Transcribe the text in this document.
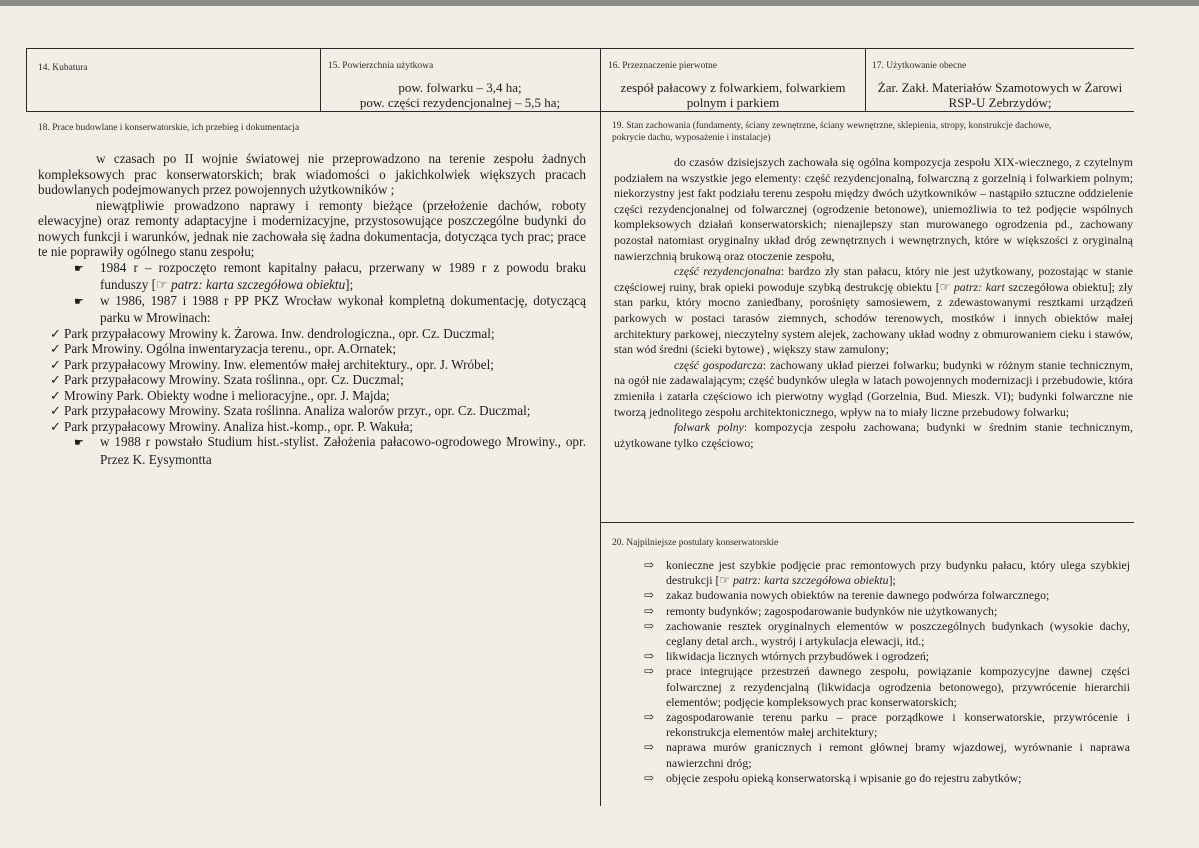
14. Kubatura	15. Powierzchnia użytkowa
pow. folwarku – 3,4 ha;
pow. części rezydencjonalnej – 5,5 ha;
16. Przeznaczenie pierwotne
zespół pałacowy z folwarkiem, folwarkiem
polnym i parkiem
17. Użytkowanie obecne
Żar. Zakł. Materiałów Szamotowych w Żarowi
RSP-U Zebrzydów;
18. Prace budowlane i konserwatorskie, ich przebieg i dokumentacja

w czasach po II wojnie światowej nie przeprowadzono na terenie zespołu żadnych kompleksowych prac konserwatorskich; brak wiadomości o jakichkolwiek większych pracach budowlanych podejmowanych przez powojennych użytkowników ;

niewątpliwie prowadzono naprawy i remonty bieżące (przełożenie dachów, roboty elewacyjne) oraz remonty adaptacyjne i modernizacyjne, przystosowujące poszczególne budynki do nowych funkcji i warunków, jednak nie zachowała się żadna dokumentacja, dotycząca tych prac; prace te nie poprawiły ogólnego stanu zespołu;

☛ 1984 r – rozpoczęto remont kapitalny pałacu, przerwany w 1989 r z powodu braku funduszy [☞ patrz: karta szczegółowa obiektu];

☛ w 1986, 1987 i 1988 r PP PKZ Wrocław wykonał kompletną dokumentację, dotyczącą parku w Mrowinach:

✓ Park przypałacowy Mrowiny k. Żarowa. Inw. dendrologiczna., opr. Cz. Duczmal;

✓ Park Mrowiny. Ogólna inwentaryzacja terenu., opr. A.Ornatek;

✓ Park przypałacowy Mrowiny. Inw. elementów małej architektury., opr. J. Wróbel;

✓ Park przypałacowy Mrowiny. Szata roślinna., opr. Cz. Duczmal;

✓ Mrowiny Park. Obiekty wodne i melioracyjne., opr. J. Majda;

✓ Park przypałacowy Mrowiny. Szata roślinna. Analiza walorów przyr., opr. Cz. Duczmal;

✓ Park przypałacowy Mrowiny. Analiza hist.-komp., opr. P. Wakuła;

☛ w 1988 r powstało Studium hist.-stylist. Założenia pałacowo-ogrodowego Mrowiny., opr. Przez K. Eysymontta

19. Stan zachowania (fundamenty, ściany zewnętrzne, ściany wewnętrzne, sklepienia, stropy, konstrukcje dachowe,
pokrycie dachu, wyposażenie i instalacje)

do czasów dzisiejszych zachowała się ogólna kompozycja zespołu XIX-wiecznego, z czytelnym podziałem na wszystkie jego elementy: część rezydencjonalną, folwarczną z gorzelnią i folwarkiem polnym; niekorzystny jest fakt podziału terenu zespołu między dwóch użytkowników – nastąpiło sztuczne oddzielenie części rezydencjonalnej od folwarcznej (ogrodzenie betonowe), uniemożliwia to też podjęcie wspólnych kompleksowych działań konserwatorskich; nienajlepszy stan murowanego ogrodzenia pd., zachowany pozostał natomiast oryginalny układ dróg zewnętrznych i wewnętrznych, które w większości z oryginalną nawierzchnią brukową oraz otoczenie zespołu,

część rezydencjonalna: bardzo zły stan pałacu, który nie jest użytkowany, pozostając w stanie częściowej ruiny, brak opieki powoduje szybką destrukcję obiektu [☞ patrz: kart szczegółowa obiektu]; zły stan parku, który mocno zaniedbany, porośnięty samosiewem, z zdewastowanymi resztkami urządzeń parkowych w postaci tarasów ziemnych, schodów terenowych, mostków i innych obiektów małej architektury parkowej, nieczytelny system alejek, zachowany układ wodny z obmurowaniem cieku i stawów, stan wód średni (ścieki bytowe) , większy staw zamulony;

część gospodarcza: zachowany układ pierzei folwarku; budynki w różnym stanie technicznym, na ogół nie zadawalającym; część budynków uległa w latach powojennych modernizacji i przebudowie, która zmieniła i zatarła częściowo ich pierwotny wygląd (Gorzelnia, Bud. Mieszk. VI); budynki folwarczne nie tworzą jednolitego zespołu architektonicznego, wpływ na to miały liczne przebudowy folwarku;

folwark polny: kompozycja zespołu zachowana; budynki w średnim stanie technicznym, użytkowane tylko częściowo;

20. Najpilniejsze postulaty konserwatorskie

⇨ konieczne jest szybkie podjęcie prac remontowych przy budynku pałacu, który ulega szybkiej destrukcji [☞ patrz: karta szczegółowa obiektu];

⇨ zakaz budowania nowych obiektów na terenie dawnego podwórza folwarcznego;

⇨ remonty budynków; zagospodarowanie budynków nie użytkowanych;

⇨ zachowanie resztek oryginalnych elementów w poszczególnych budynkach (wysokie dachy, ceglany detal arch., wystrój i artykulacja elewacji, itd.;

⇨ likwidacja licznych wtórnych przybudówek i ogrodzeń;

⇨ prace integrujące przestrzeń dawnego zespołu, powiązanie kompozycyjne dawnej części folwarcznej z rezydencjalną (likwidacja ogrodzenia betonowego), przywrócenie hierarchii elementów; podjęcie kompleksowych prac konserwatorskich;

⇨ zagospodarowanie terenu parku – prace porządkowe i konserwatorskie, przywrócenie i rekonstrukcja elementów małej architektury;

⇨ naprawa murów granicznych i remont głównej bramy wjazdowej, wyrównanie i naprawa nawierzchni dróg;

⇨ objęcie zespołu opieką konserwatorską i wpisanie go do rejestru zabytków;
